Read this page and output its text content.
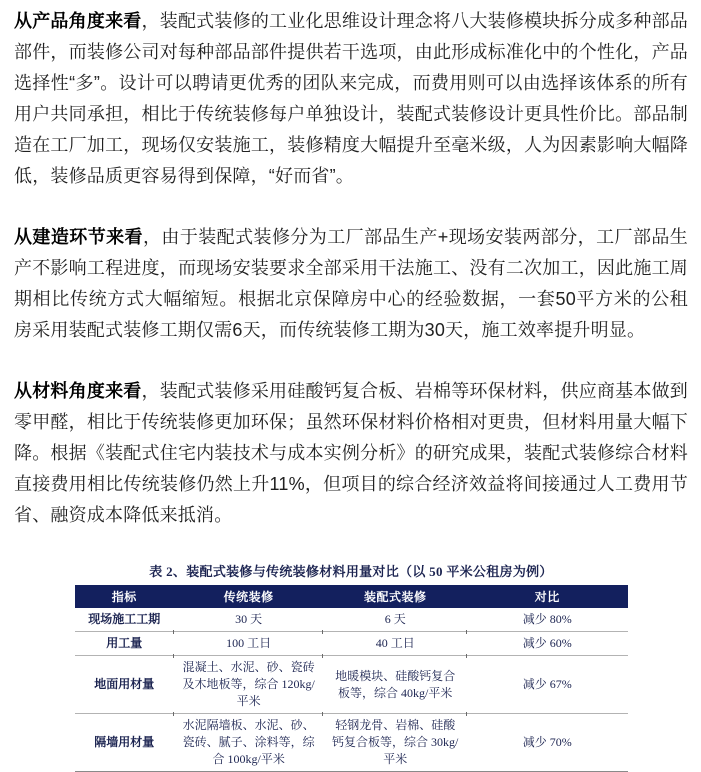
从产品角度来看，装配式装修的工业化思维设计理念将八大装修模块拆分成多种部品部件，而装修公司对每种部品部件提供若干选项，由此形成标准化中的个性化，产品选择性“多”。设计可以聘请更优秀的团队来完成，而费用则可以由选择该体系的所有用户共同承担，相比于传统装修每户单独设计，装配式装修设计更具性价比。部品制造在工厂加工，现场仅安装施工，装修精度大幅提升至毫米级，人为因素影响大幅降低，装修品质更容易得到保障，“好而省”。

从建造环节来看，由于装配式装修分为工厂部品生产+现场安装两部分，工厂部品生产不影响工程进度，而现场安装要求全部采用干法施工、没有二次加工，因此施工周期相比传统方式大幅缩短。根据北京保障房中心的经验数据，一套50平方米的公租房采用装配式装修工期仅需6天，而传统装修工期为30天，施工效率提升明显。

从材料角度来看，装配式装修采用硅酸钙复合板、岩棉等环保材料，供应商基本做到零甲醛，相比于传统装修更加环保；虽然环保材料价格相对更贵，但材料用量大幅下降。根据《装配式住宅内装技术与成本实例分析》的研究成果，装配式装修综合材料直接费用相比传统装修仍然上升11%，但项目的综合经济效益将间接通过人工费用节省、融资成本降低来抵消。

表 2、装配式装修与传统装修材料用量对比（以 50 平米公租房为例）
指标	传统装修	装配式装修	对比
现场施工工期	30 天	6 天	减少 80%
用工量	100 工日	40 工日	减少 60%
地面用材量	混凝土、水泥、砂、瓷砖及木地板等，综合 120kg/平米	地暖模块、硅酸钙复合板等，综合 40kg/平米	减少 67%
隔墙用材量	水泥隔墙板、水泥、砂、瓷砖、腻子、涂料等，综合 100kg/平米	轻钢龙骨、岩棉、硅酸钙复合板等，综合 30kg/平米	减少 70%
